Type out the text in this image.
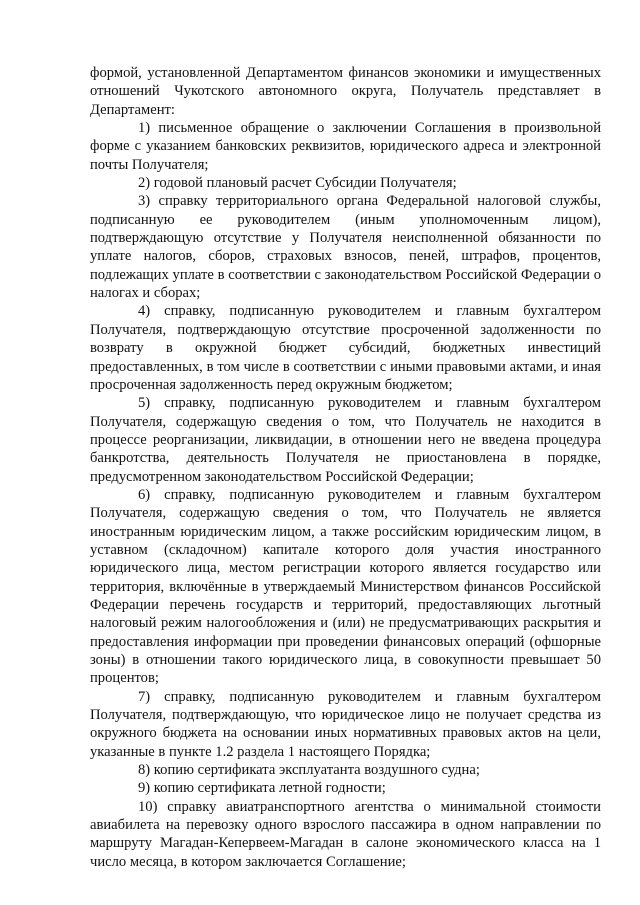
формой, установленной Департаментом финансов экономики и имущественных отношений Чукотского автономного округа, Получатель представляет в Департамент:

1) письменное обращение о заключении Соглашения в произвольной форме с указанием банковских реквизитов, юридического адреса и электронной почты Получателя;

2) годовой плановый расчет Субсидии Получателя;

3) справку территориального органа Федеральной налоговой службы, подписанную ее руководителем (иным уполномоченным лицом), подтверждающую отсутствие у Получателя неисполненной обязанности по уплате налогов, сборов, страховых взносов, пеней, штрафов, процентов, подлежащих уплате в соответствии с законодательством Российской Федерации о налогах и сборах;

4) справку, подписанную руководителем и главным бухгалтером Получателя, подтверждающую отсутствие просроченной задолженности по возврату в окружной бюджет субсидий, бюджетных инвестиций предоставленных, в том числе в соответствии с иными правовыми актами, и иная просроченная задолженность перед окружным бюджетом;

5) справку, подписанную руководителем и главным бухгалтером Получателя, содержащую сведения о том, что Получатель не находится в процессе реорганизации, ликвидации, в отношении него не введена процедура банкротства, деятельность Получателя не приостановлена в порядке, предусмотренном законодательством Российской Федерации;

6) справку, подписанную руководителем и главным бухгалтером Получателя, содержащую сведения о том, что Получатель не является иностранным юридическим лицом, а также российским юридическим лицом, в уставном (складочном) капитале которого доля участия иностранного юридического лица, местом регистрации которого является государство или территория, включённые в утверждаемый Министерством финансов Российской Федерации перечень государств и территорий, предоставляющих льготный налоговый режим налогообложения и (или) не предусматривающих раскрытия и предоставления информации при проведении финансовых операций (офшорные зоны) в отношении такого юридического лица, в совокупности превышает 50 процентов;

7) справку, подписанную руководителем и главным бухгалтером Получателя, подтверждающую, что юридическое лицо не получает средства из окружного бюджета на основании иных нормативных правовых актов на цели, указанные в пункте 1.2 раздела 1 настоящего Порядка;

8) копию сертификата эксплуатанта воздушного судна;

9) копию сертификата летной годности;

10) справку авиатранспортного агентства о минимальной стоимости авиабилета на перевозку одного взрослого пассажира в одном направлении по маршруту Магадан-Кепервеем-Магадан в салоне экономического класса на 1 число месяца, в котором заключается Соглашение;
